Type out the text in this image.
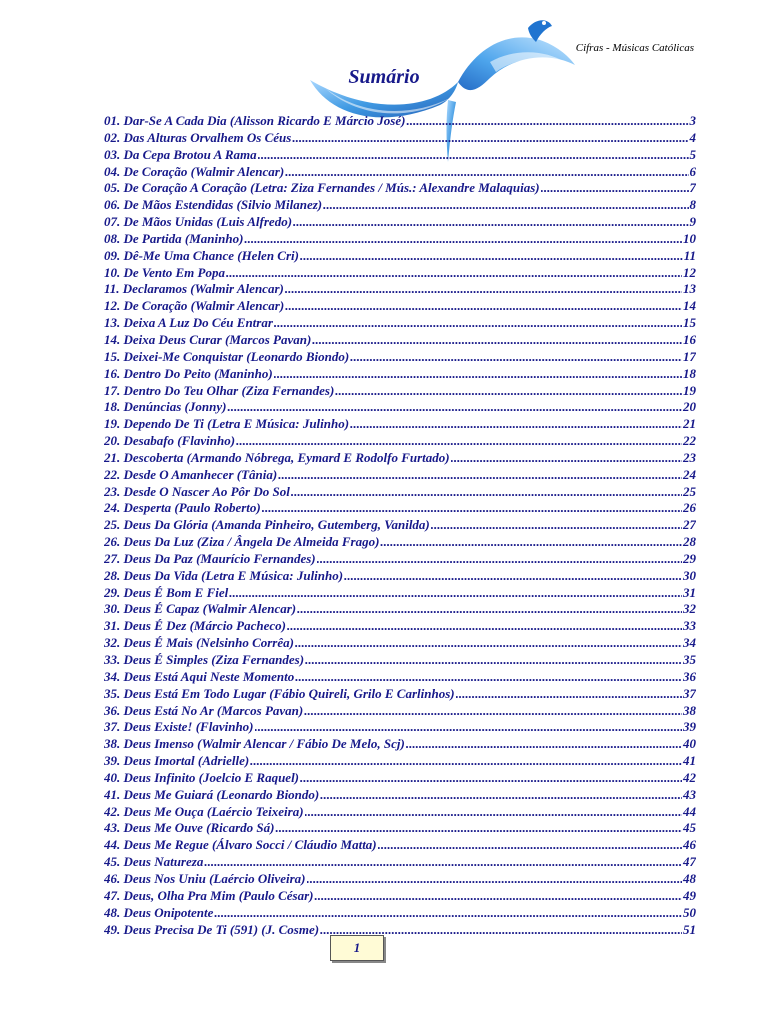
Cifras - Músicas Católicas
Sumário
01. Dar-Se A Cada Dia (Alisson Ricardo E Márcio José) .....	3
02. Das Alturas Orvalhem Os Céus .....	4
03. Da Cepa Brotou A Rama .....	5
04. De Coração (Walmir Alencar) .....	6
05. De Coração A Coração (Letra: Ziza Fernandes / Mús.: Alexandre Malaquias) .....	7
06. De Mãos Estendidas (Silvio Milanez) .....	8
07. De Mãos Unidas (Luis Alfredo) .....	9
08. De Partida (Maninho) .....	10
09. Dê-Me Uma Chance (Helen Cri) .....	11
10. De Vento Em Popa .....	12
11. Declaramos (Walmir Alencar) .....	13
12. De Coração (Walmir Alencar) .....	14
13. Deixa A Luz Do Céu Entrar .....	15
14. Deixa Deus Curar (Marcos Pavan) .....	16
15. Deixei-Me Conquistar (Leonardo Biondo) .....	17
16. Dentro Do Peito (Maninho) .....	18
17. Dentro Do Teu Olhar (Ziza Fernandes) .....	19
18. Denúncias (Jonny) .....	20
19. Dependo De Ti (Letra E Música: Julinho) .....	21
20. Desabafo (Flavinho) .....	22
21. Descoberta (Armando Nóbrega, Eymard E Rodolfo Furtado) .....	23
22. Desde O Amanhecer (Tânia) .....	24
23. Desde O Nascer Ao Pôr Do Sol .....	25
24. Desperta (Paulo Roberto) .....	26
25. Deus Da Glória (Amanda Pinheiro, Gutemberg, Vanilda) .....	27
26. Deus Da Luz (Ziza / Ângela De Almeida Frago) .....	28
27. Deus Da Paz (Maurício Fernandes) .....	29
28. Deus Da Vida (Letra E Música: Julinho) .....	30
29. Deus É Bom E Fiel .....	31
30. Deus É Capaz (Walmir Alencar) .....	32
31. Deus É Dez (Márcio Pacheco) .....	33
32. Deus É Mais (Nelsinho Corrêa) .....	34
33. Deus É Simples (Ziza Fernandes) .....	35
34. Deus Está Aqui Neste Momento .....	36
35. Deus Está Em Todo Lugar (Fábio Quireli, Grilo E Carlinhos) .....	37
36. Deus Está No Ar (Marcos Pavan) .....	38
37. Deus Existe! (Flavinho) .....	39
38. Deus Imenso (Walmir Alencar / Fábio De Melo, Scj) .....	40
39. Deus Imortal (Adrielle) .....	41
40. Deus Infinito (Joelcio E Raquel) .....	42
41. Deus Me Guiará (Leonardo Biondo) .....	43
42. Deus Me Ouça (Laércio Teixeira) .....	44
43. Deus Me Ouve (Ricardo Sá) .....	45
44. Deus Me Regue (Álvaro Socci / Cláudio Matta) .....	46
45. Deus Natureza .....	47
46. Deus Nos Uniu (Laércio Oliveira) .....	48
47. Deus, Olha Pra Mim (Paulo César) .....	49
48. Deus Onipotente .....	50
49. Deus Precisa De Ti (591) (J. Cosme) .....	51
1
